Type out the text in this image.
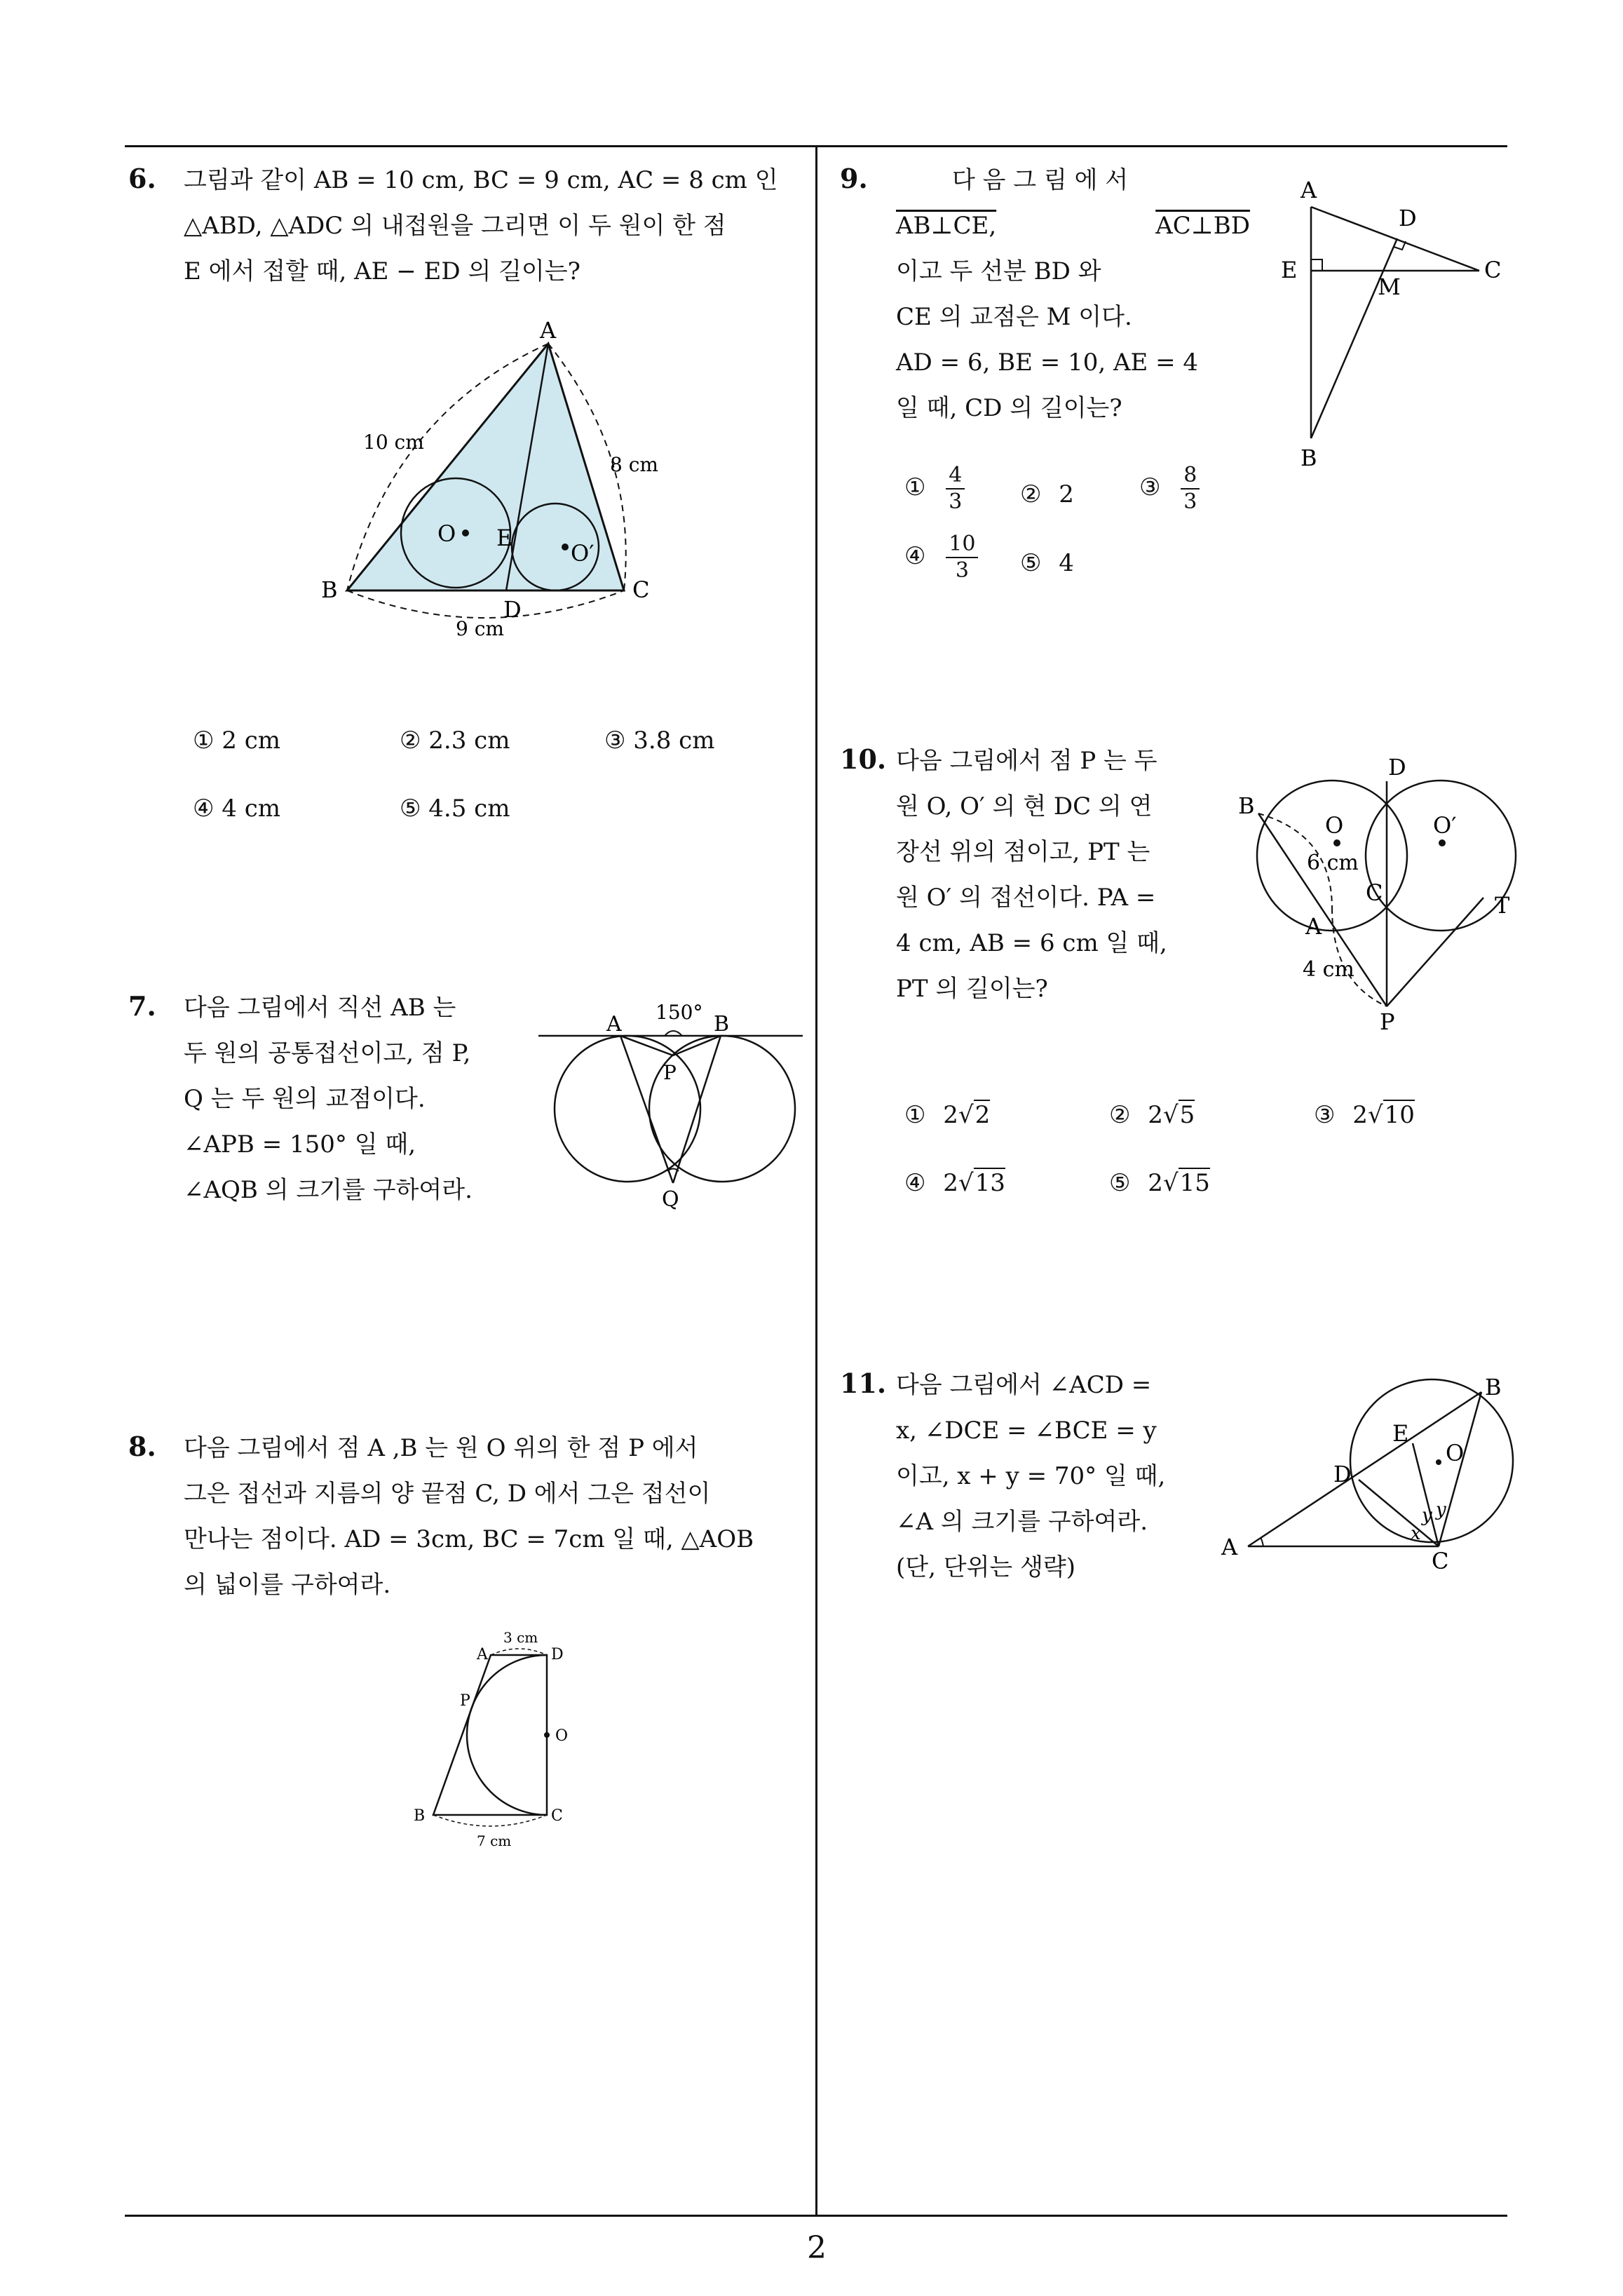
2
6. 그림과 같이 AB = 10 cm, BC = 9 cm, AC = 8 cm 인
△ABD, △ADC 의 내접원을 그리면 이 두 원이 한 점
E 에서 접할 때, AE − ED 의 길이는?
A
B	C
D
E
O
O′
10 cm
8 cm
9 cm
① 2 cm	② 2.3 cm	③ 3.8 cm
④ 4 cm	⑤ 4.5 cm
7. 다음 그림에서 직선 AB 는
두 원의 공통접선이고, 점 P,
Q 는 두 원의 교점이다.
∠APB = 150° 일 때,
∠AQB 의 크기를 구하여라.
A	B
P
Q
150°
8. 다음 그림에서 점 A ,B 는 원 O 위의 한 점 P 에서
그은 접선과 지름의 양 끝점 C, D 에서 그은 접선이
만나는 점이다. AD = 3cm, BC = 7cm 일 때, △AOB
의 넓이를 구하여라.
A	D
B	C
O
P
3 cm
7 cm
9.	다 음 그 림 에 서
AB⊥CE,	AC⊥BD
이고 두 선분 BD 와
CE 의 교점은 M 이다.
AD = 6, BE = 10, AE = 4
일 때, CD 의 길이는?
A
D
E	C
M
B
① $\frac{4}{3}$ ② 2	③ $\frac{8}{3}$
④ $\frac{10}{3}$ ⑤ 4
10. 다음 그림에서 점 P 는 두
원 O, O′ 의 현 DC 의 연
장선 위의 점이고, PT 는
원 O′ 의 접선이다. PA =
4 cm, AB = 6 cm 일 때,
PT 의 길이는?
D
B
O	O′
C	T
A
P
6 cm
4 cm
① 2√2	② 2√5	③ 2√10
④ 2√13	⑤ 2√15
11. 다음 그림에서 ∠ACD =
x, ∠DCE = ∠BCE = y
이고, x + y = 70° 일 때,
∠A 의 크기를 구하여라.
(단, 단위는 생략)
A
B
C
D
E
O
x
y y
